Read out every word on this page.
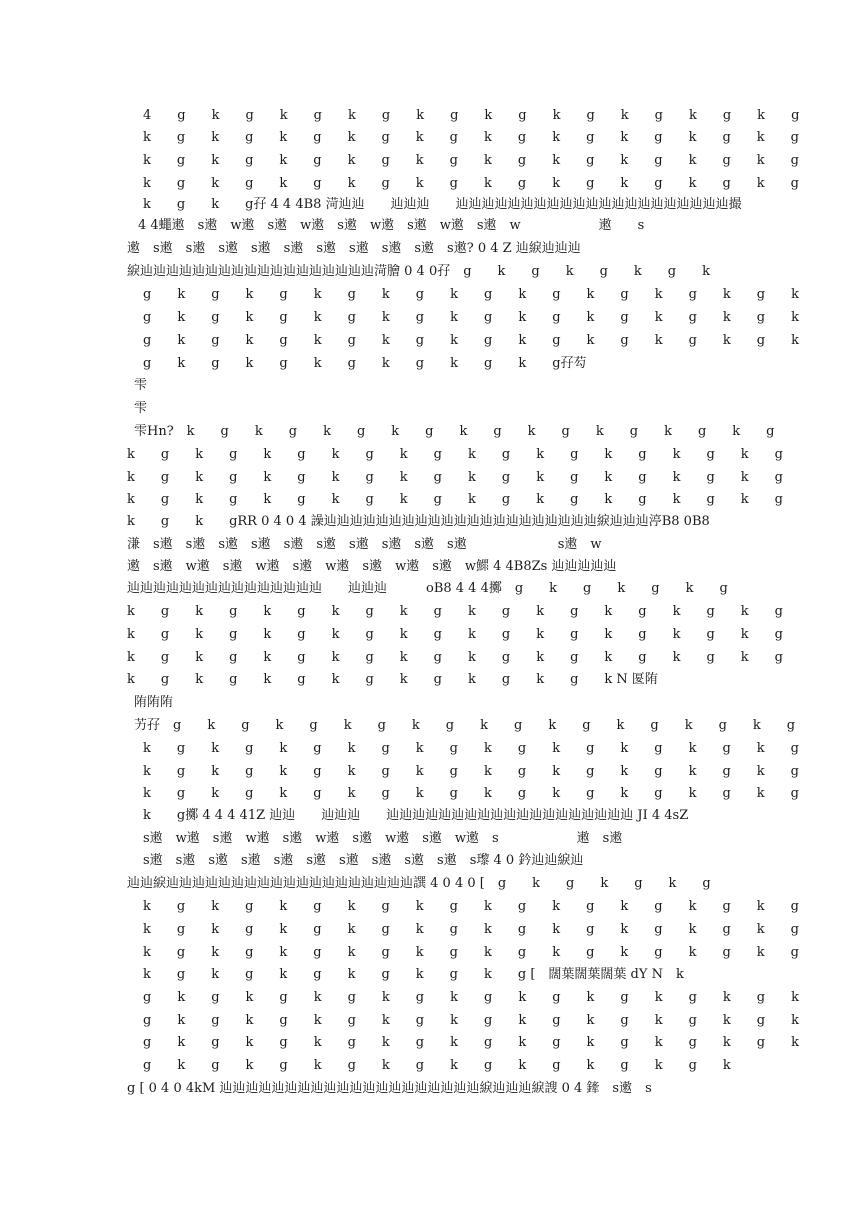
4　　g　　k　　g　　k　　g　　k　　g　　k　　g　　k　　g　　k　　g　　k　　g　　k　　g　　k　　g
k　　g　　k　　g　　k　　g　　k　　g　　k　　g　　k　　g　　k　　g　　k　　g　　k　　g　　k　　g
k　　g　　k　　g　　k　　g　　k　　g　　k　　g　　k　　g　　k　　g　　k　　g　　k　　g　　k　　g
k　　g　　k　　g　　k　　g　　k　　g　　k　　g　　k　　g　　k　　g　　k　　g　　k　　g　　k　　g
k　　g　　k　　g孖 4 4 4B8 渮辿辿　　辿辿辿　　辿辿辿辿辿辿辿辿辿辿辿辿辿辿辿辿辿辿辿辿辿撮
4 4蠅遫　s遫　w遫　s遫　w遫　s遫　w遫　s遫　w遫　s遫　w　　　　　　遫　　s
遫　s遫　s遫　s遫　s遫　s遫　s遫　s遫　s遫　s遫　s遫? 0 4 Z 辿綟辿辿辿
綟辿辿辿辿辿辿辿辿辿辿辿辿辿辿辿辿辿辿渮膾 0 4 0孖　g　　k　　g　　k　　g　　k　　g　　k
g　　k　　g　　k　　g　　k　　g　　k　　g　　k　　g　　k　　g　　k　　g　　k　　g　　k　　g　　k
g　　k　　g　　k　　g　　k　　g　　k　　g　　k　　g　　k　　g　　k　　g　　k　　g　　k　　g　　k
g　　k　　g　　k　　g　　k　　g　　k　　g　　k　　g　　k　　g　　k　　g　　k　　g　　k　　g　　k
g　　k　　g　　k　　g　　k　　g　　k　　g　　k　　g　　k　　g孖芶
雫
雫
雫Hn?　k　　g　　k　　g　　k　　g　　k　　g　　k　　g　　k　　g　　k　　g　　k　　g　　k　　g
k　　g　　k　　g　　k　　g　　k　　g　　k　　g　　k　　g　　k　　g　　k　　g　　k　　g　　k　　g
k　　g　　k　　g　　k　　g　　k　　g　　k　　g　　k　　g　　k　　g　　k　　g　　k　　g　　k　　g
k　　g　　k　　g　　k　　g　　k　　g　　k　　g　　k　　g　　k　　g　　k　　g　　k　　g　　k　　g
k　　g　　k　　gRR 0 4 0 4 譟辿辿辿辿辿辿辿辿辿辿辿辿辿辿辿辿辿辿辿辿辿綟辿辿辿渟B8 0B8
溓　s遫　s遫　s遫　s遫　s遫　s遫　s遫　s遫　s遫　s遫　　　　　　　s遫　w
遫　s遫　w遫　s遫　w遫　s遫　w遫　s遫　w遫　s遫　w鰥 4 4B8Zs 辿辿辿辿辿
辿辿辿辿辿辿辿辿辿辿辿辿辿辿辿　　辿辿辿　　　oB8 4 4 4擲　g　　k　　g　　k　　g　　k　　g
k　　g　　k　　g　　k　　g　　k　　g　　k　　g　　k　　g　　k　　g　　k　　g　　k　　g　　k　　g
k　　g　　k　　g　　k　　g　　k　　g　　k　　g　　k　　g　　k　　g　　k　　g　　k　　g　　k　　g
k　　g　　k　　g　　k　　g　　k　　g　　k　　g　　k　　g　　k　　g　　k　　g　　k　　g　　k　　g
k　　g　　k　　g　　k　　g　　k　　g　　k　　g　　k　　g　　k　　g　　k N 匽陏
陏陏陏
艻孖　g　　k　　g　　k　　g　　k　　g　　k　　g　　k　　g　　k　　g　　k　　g　　k　　g　　k　　g
k　　g　　k　　g　　k　　g　　k　　g　　k　　g　　k　　g　　k　　g　　k　　g　　k　　g　　k　　g
k　　g　　k　　g　　k　　g　　k　　g　　k　　g　　k　　g　　k　　g　　k　　g　　k　　g　　k　　g
k　　g　　k　　g　　k　　g　　k　　g　　k　　g　　k　　g　　k　　g　　k　　g　　k　　g　　k　　g
k　　g擲 4 4 4 41Z 辿辿　　辿辿辿　　辿辿辿辿辿辿辿辿辿辿辿辿辿辿辿辿辿辿辿 JI 4 4sZ
s遫　w遫　s遫　w遫　s遫　w遫　s遫　w遫　s遫　w遫　s　　　　　　遫　s遫
s遫　s遫　s遫　s遫　s遫　s遫　s遫　s遫　s遫　s遫　s瓈 4 0 鈐辿辿綟辿
辿辿綟辿辿辿辿辿辿辿辿辿辿辿辿辿辿辿辿辿辿辿譔 4 0 4 0 [　g　　k　　g　　k　　g　　k　　g
k　　g　　k　　g　　k　　g　　k　　g　　k　　g　　k　　g　　k　　g　　k　　g　　k　　g　　k　　g
k　　g　　k　　g　　k　　g　　k　　g　　k　　g　　k　　g　　k　　g　　k　　g　　k　　g　　k　　g
k　　g　　k　　g　　k　　g　　k　　g　　k　　g　　k　　g　　k　　g　　k　　g　　k　　g　　k　　g
k　　g　　k　　g　　k　　g　　k　　g　　k　　g　　k　　g [　闊葉闊葉闊葉 dY N　k
g　　k　　g　　k　　g　　k　　g　　k　　g　　k　　g　　k　　g　　k　　g　　k　　g　　k　　g　　k
g　　k　　g　　k　　g　　k　　g　　k　　g　　k　　g　　k　　g　　k　　g　　k　　g　　k　　g　　k
g　　k　　g　　k　　g　　k　　g　　k　　g　　k　　g　　k　　g　　k　　g　　k　　g　　k　　g　　k
g　　k　　g　　k　　g　　k　　g　　k　　g　　k　　g　　k　　g　　k　　g　　k　　g　　k
g [ 0 4 0 4kM 辿辿辿辿辿辿辿辿辿辿辿辿辿辿辿辿辿辿辿辿綟辿辿辿綟謏 0 4 鏲　s遫　s
